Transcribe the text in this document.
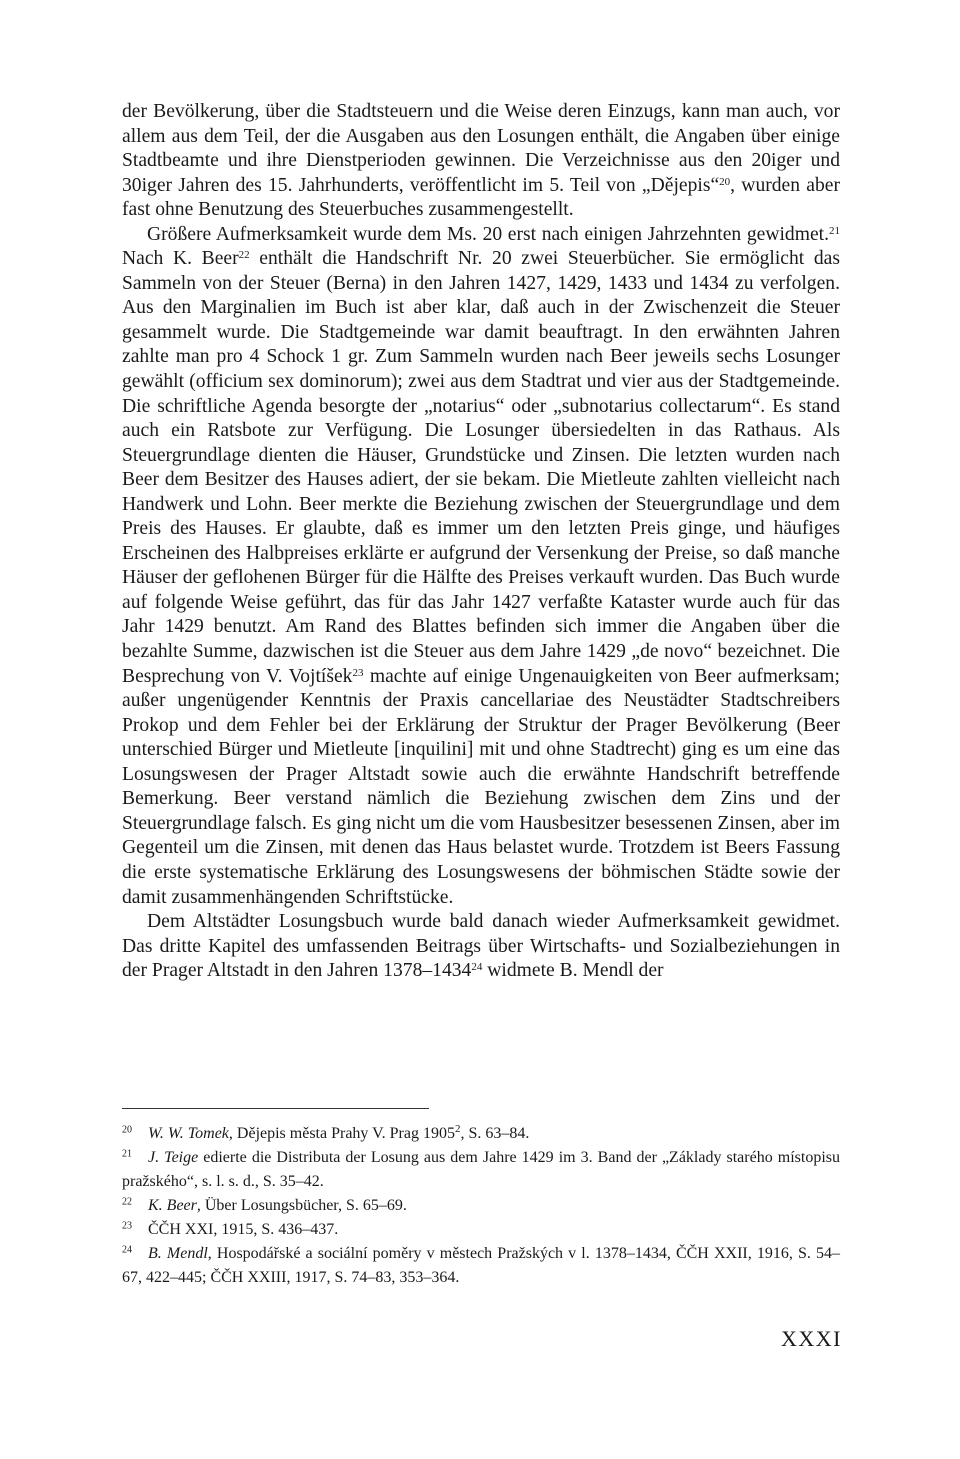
der Bevölkerung, über die Stadtsteuern und die Weise deren Einzugs, kann man auch, vor allem aus dem Teil, der die Ausgaben aus den Losungen enthält, die Angaben über einige Stadtbeamte und ihre Dienstperioden gewinnen. Die Verzeichnisse aus den 20iger und 30iger Jahren des 15. Jahrhunderts, veröffentlicht im 5. Teil von „Dějepis“$^{20}$, wurden aber fast ohne Benutzung des Steuerbuches zusammengestellt.

Größere Aufmerksamkeit wurde dem Ms. 20 erst nach einigen Jahrzehnten gewidmet.$^{21}$ Nach K. Beer$^{22}$ enthält die Handschrift Nr. 20 zwei Steuerbücher. Sie ermöglicht das Sammeln von der Steuer (Berna) in den Jahren 1427, 1429, 1433 und 1434 zu verfolgen. Aus den Marginalien im Buch ist aber klar, daß auch in der Zwischenzeit die Steuer gesammelt wurde. Die Stadtgemeinde war damit beauftragt. In den erwähnten Jahren zahlte man pro 4 Schock 1 gr. Zum Sammeln wurden nach Beer jeweils sechs Losunger gewählt (officium sex dominorum); zwei aus dem Stadtrat und vier aus der Stadtgemeinde. Die schriftliche Agenda besorgte der „notarius“ oder „subnotarius collectarum“. Es stand auch ein Ratsbote zur Verfügung. Die Losunger übersiedelten in das Rathaus. Als Steuergrundlage dienten die Häuser, Grundstücke und Zinsen. Die letzten wurden nach Beer dem Besitzer des Hauses adiert, der sie bekam. Die Mietleute zahlten vielleicht nach Handwerk und Lohn. Beer merkte die Beziehung zwischen der Steuergrundlage und dem Preis des Hauses. Er glaubte, daß es immer um den letzten Preis ginge, und häufiges Erscheinen des Halbpreises erklärte er aufgrund der Versenkung der Preise, so daß manche Häuser der geflohenen Bürger für die Hälfte des Preises verkauft wurden. Das Buch wurde auf folgende Weise geführt, das für das Jahr 1427 verfaßte Kataster wurde auch für das Jahr 1429 benutzt. Am Rand des Blattes befinden sich immer die Angaben über die bezahlte Summe, dazwischen ist die Steuer aus dem Jahre 1429 „de novo“ bezeichnet. Die Besprechung von V. Vojtíšek$^{23}$ machte auf einige Ungenauigkeiten von Beer aufmerksam; außer ungenügender Kenntnis der Praxis cancellariae des Neustädter Stadtschreibers Prokop und dem Fehler bei der Erklärung der Struktur der Prager Bevölkerung (Beer unterschied Bürger und Mietleute [inquilini] mit und ohne Stadtrecht) ging es um eine das Losungswesen der Prager Altstadt sowie auch die erwähnte Handschrift betreffende Bemerkung. Beer verstand nämlich die Beziehung zwischen dem Zins und der Steuergrundlage falsch. Es ging nicht um die vom Hausbesitzer besessenen Zinsen, aber im Gegenteil um die Zinsen, mit denen das Haus belastet wurde. Trotzdem ist Beers Fassung die erste systematische Erklärung des Losungswesens der böhmischen Städte sowie der damit zusammenhängenden Schriftstücke.

Dem Altstädter Losungsbuch wurde bald danach wieder Aufmerksamkeit gewidmet. Das dritte Kapitel des umfassenden Beitrags über Wirtschafts- und Sozialbeziehungen in der Prager Altstadt in den Jahren 1378–1434$^{24}$ widmete B. Mendl der

$^{20}$ W. W. Tomek, Dějepis města Prahy V. Prag 1905$^2$, S. 63–84.
$^{21}$ J. Teige edierte die Distributa der Losung aus dem Jahre 1429 im 3. Band der „Základy starého místopisu pražského“, s. l. s. d., S. 35–42.
$^{22}$ K. Beer, Über Losungsbücher, S. 65–69.
$^{23}$ ČČH XXI, 1915, S. 436–437.
$^{24}$ B. Mendl, Hospodářské a sociální poměry v městech Pražských v l. 1378–1434, ČČH XXII, 1916, S. 54–67, 422–445; ČČH XXIII, 1917, S. 74–83, 353–364.
XXXI
